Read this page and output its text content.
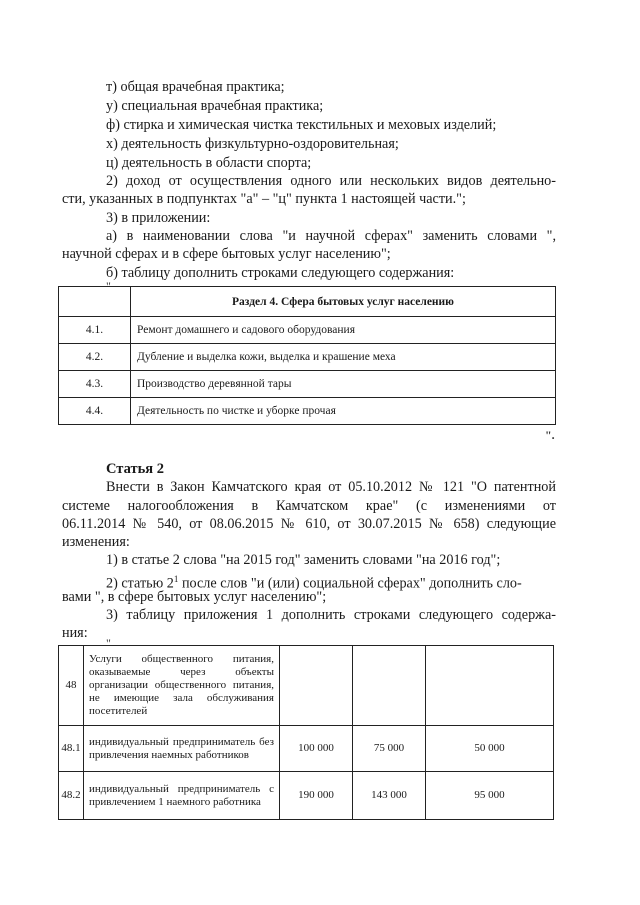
т) общая врачебная практика;
у) специальная врачебная практика;
ф) стирка и химическая чистка текстильных и меховых изделий;
х) деятельность физкультурно-оздоровительная;
ц) деятельность в области спорта;
2) доход от осуществления одного или нескольких видов деятельно-
сти, указанных в подпунктах "а" – "ц" пункта 1 настоящей части.";
3) в приложении:
а) в наименовании слова "и научной сферах" заменить словами ",
научной сферах и в сфере бытовых услуг населению";
б) таблицу дополнить строками следующего содержания:
"
	Раздел 4. Сфера бытовых услуг населению
4.1.	Ремонт домашнего и садового оборудования
4.2.	Дубление и выделка кожи, выделка и крашение меха
4.3.	Производство деревянной тары
4.4.	Деятельность по чистке и уборке прочая
".
Статья 2
Внести в Закон Камчатского края от 05.10.2012 № 121 "О патентной
системе налогообложения в Камчатском крае" (с изменениями от
06.11.2014 № 540, от 08.06.2015 № 610, от 30.07.2015 № 658) следующие
изменения:
1) в статье 2 слова "на 2015 год" заменить словами "на 2016 год";
2) статью $2^1$ после слов "и (или) социальной сферах" дополнить сло-
вами ", в сфере бытовых услуг населению";
3) таблицу приложения 1 дополнить строками следующего содержа-
ния:
"
48	Услуги общественного питания, оказываемые через объекты организации общественного питания, не имеющие зала обслуживания посетителей			
48.1	индивидуальный предприниматель без привлечения наемных работников	100 000	75 000	50 000
48.2	индивидуальный предприниматель с привлечением 1 наемного работника	190 000	143 000	95 000
